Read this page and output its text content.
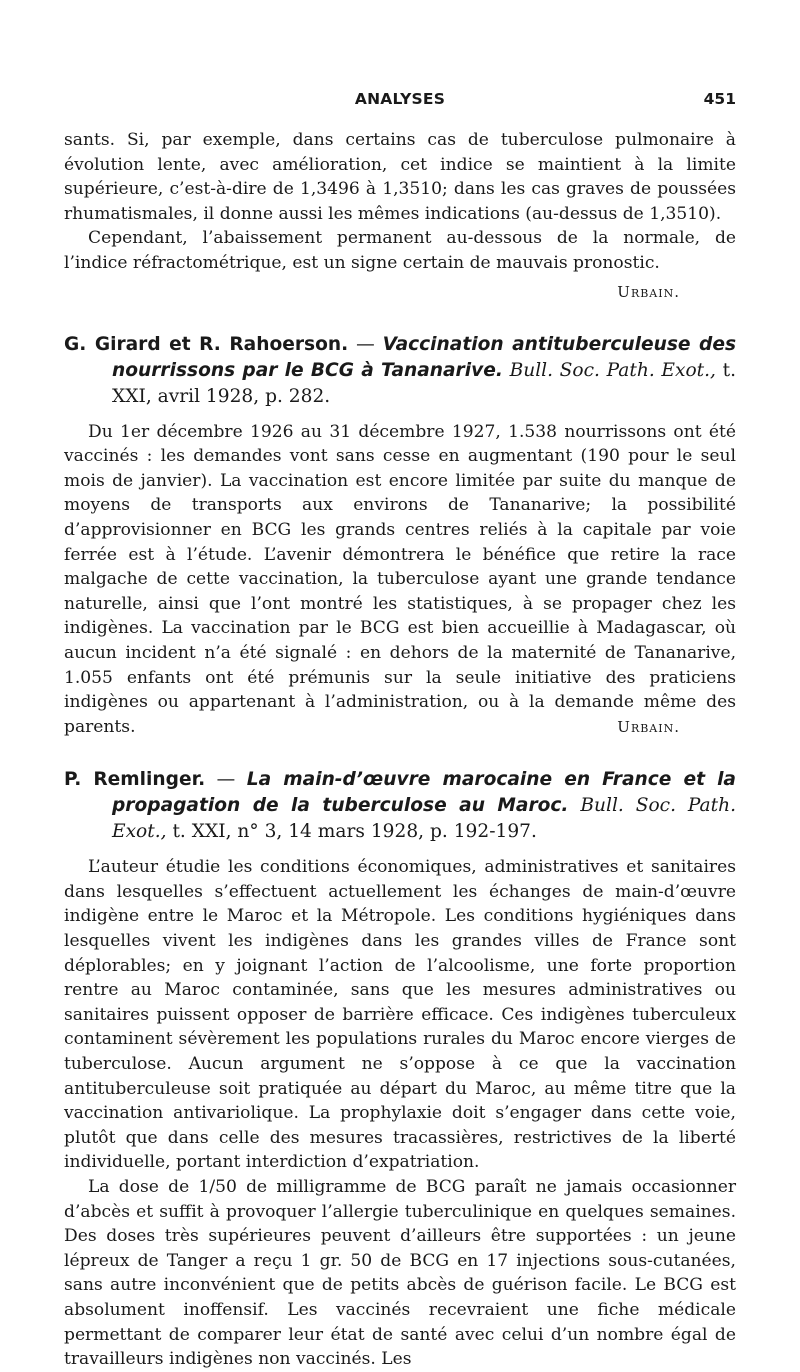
ANALYSES	451

sants. Si, par exemple, dans certains cas de tuberculose pulmonaire à évolution lente, avec amélioration, cet indice se maintient à la limite supérieure, c’est-à-dire de 1,3496 à 1,3510; dans les cas graves de poussées rhumatismales, il donne aussi les mêmes indications (au-dessus de 1,3510).

Cependant, l’abaissement permanent au-dessous de la normale, de l’indice réfractométrique, est un signe certain de mauvais pronostic.

Urbain.
G. Girard et R. Rahoerson. — Vaccination antituberculeuse des nourrissons par le BCG à Tananarive. Bull. Soc. Path. Exot., t. XXI, avril 1928, p. 282.

Du 1er décembre 1926 au 31 décembre 1927, 1.538 nourrissons ont été vaccinés : les demandes vont sans cesse en augmentant (190 pour le seul mois de janvier). La vaccination est encore limitée par suite du manque de moyens de transports aux environs de Tananarive; la possibilité d’approvisionner en BCG les grands centres reliés à la capitale par voie ferrée est à l’étude. L’avenir démontrera le bénéfice que retire la race malgache de cette vaccination, la tuberculose ayant une grande tendance naturelle, ainsi que l’ont montré les statistiques, à se propager chez les indigènes. La vaccination par le BCG est bien accueillie à Madagascar, où aucun incident n’a été signalé : en dehors de la maternité de Tananarive, 1.055 enfants ont été prémunis sur la seule initiative des praticiens indigènes ou appartenant à l’administration, ou à la demande même des parents.	Urbain.
P. Remlinger. — La main-d’œuvre marocaine en France et la propagation de la tuberculose au Maroc. Bull. Soc. Path. Exot., t. XXI, n° 3, 14 mars 1928, p. 192-197.

L’auteur étudie les conditions économiques, administratives et sanitaires dans lesquelles s’effectuent actuellement les échanges de main-d’œuvre indigène entre le Maroc et la Métropole. Les conditions hygiéniques dans lesquelles vivent les indigènes dans les grandes villes de France sont déplorables; en y joignant l’action de l’alcoolisme, une forte proportion rentre au Maroc contaminée, sans que les mesures administratives ou sanitaires puissent opposer de barrière efficace. Ces indigènes tuberculeux contaminent sévèrement les populations rurales du Maroc encore vierges de tuberculose. Aucun argument ne s’oppose à ce que la vaccination antituberculeuse soit pratiquée au départ du Maroc, au même titre que la vaccination antivariolique. La prophylaxie doit s’engager dans cette voie, plutôt que dans celle des mesures tracassières, restrictives de la liberté individuelle, portant interdiction d’expatriation.

La dose de 1/50 de milligramme de BCG paraît ne jamais occasionner d’abcès et suffit à provoquer l’allergie tuberculinique en quelques semaines. Des doses très supérieures peuvent d’ailleurs être supportées : un jeune lépreux de Tanger a reçu 1 gr. 50 de BCG en 17 injections sous-cutanées, sans autre inconvénient que de petits abcès de guérison facile. Le BCG est absolument inoffensif. Les vaccinés recevraient une fiche médicale permettant de comparer leur état de santé avec celui d’un nombre égal de travailleurs indigènes non vaccinés. Les
